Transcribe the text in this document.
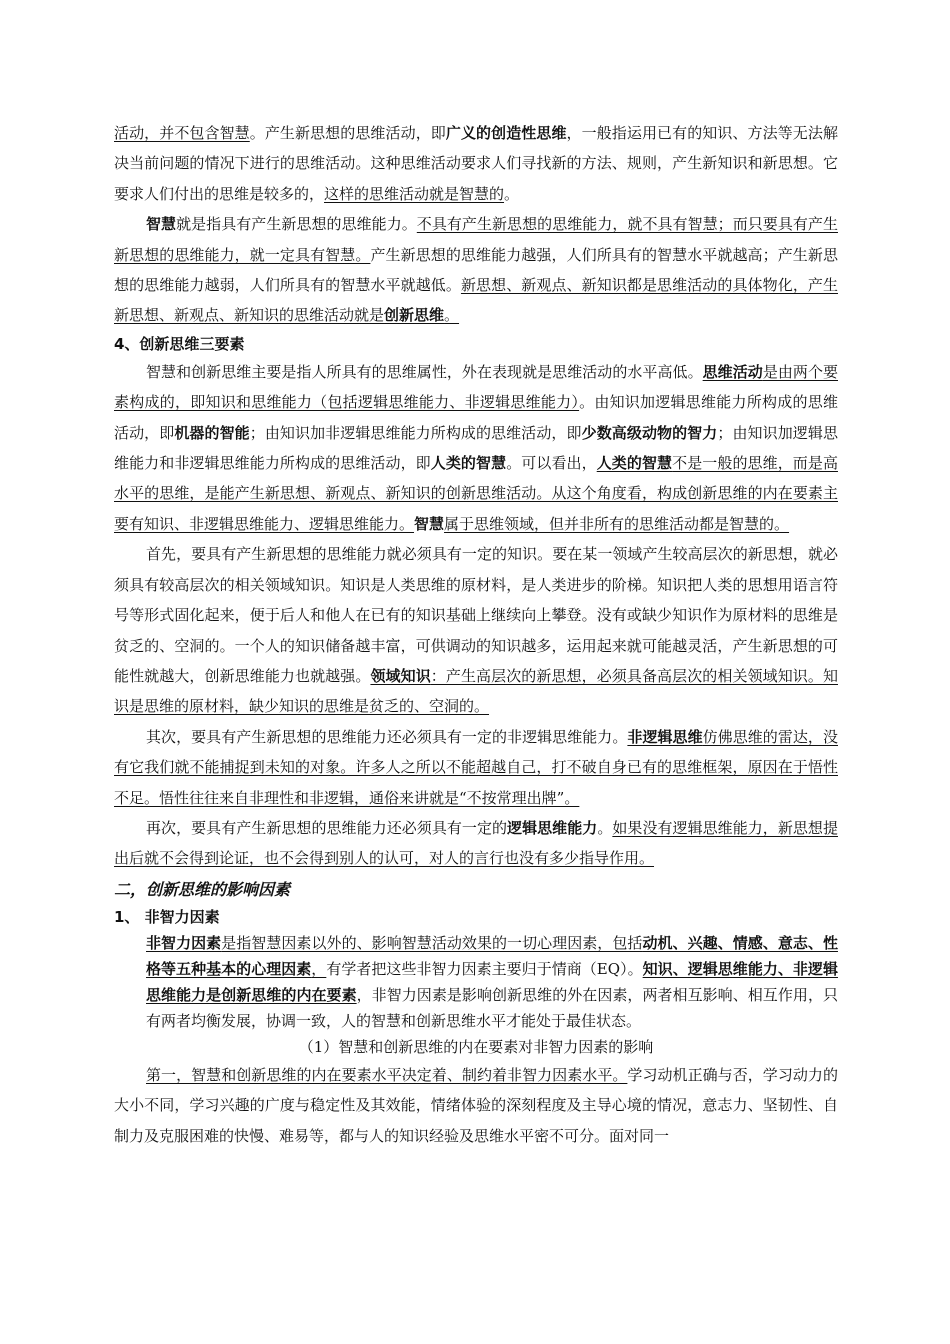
活动，并不包含智慧。产生新思想的思维活动，即广义的创造性思维，一般指运用已有的知识、方法等无法解决当前问题的情况下进行的思维活动。这种思维活动要求人们寻找新的方法、规则，产生新知识和新思想。它要求人们付出的思维是较多的，这样的思维活动就是智慧的。

智慧就是指具有产生新思想的思维能力。不具有产生新思想的思维能力，就不具有智慧；而只要具有产生新思想的思维能力，就一定具有智慧。产生新思想的思维能力越强，人们所具有的智慧水平就越高；产生新思想的思维能力越弱，人们所具有的智慧水平就越低。新思想、新观点、新知识都是思维活动的具体物化，产生新思想、新观点、新知识的思维活动就是创新思维。

4、创新思维三要素

智慧和创新思维主要是指人所具有的思维属性，外在表现就是思维活动的水平高低。思维活动是由两个要素构成的，即知识和思维能力（包括逻辑思维能力、非逻辑思维能力）。由知识加逻辑思维能力所构成的思维活动，即机器的智能；由知识加非逻辑思维能力所构成的思维活动，即少数高级动物的智力；由知识加逻辑思维能力和非逻辑思维能力所构成的思维活动，即人类的智慧。可以看出，人类的智慧不是一般的思维，而是高水平的思维，是能产生新思想、新观点、新知识的创新思维活动。从这个角度看，构成创新思维的内在要素主要有知识、非逻辑思维能力、逻辑思维能力。智慧属于思维领域，但并非所有的思维活动都是智慧的。

首先，要具有产生新思想的思维能力就必须具有一定的知识。要在某一领域产生较高层次的新思想，就必须具有较高层次的相关领域知识。知识是人类思维的原材料，是人类进步的阶梯。知识把人类的思想用语言符号等形式固化起来，便于后人和他人在已有的知识基础上继续向上攀登。没有或缺少知识作为原材料的思维是贫乏的、空洞的。一个人的知识储备越丰富，可供调动的知识越多，运用起来就可能越灵活，产生新思想的可能性就越大，创新思维能力也就越强。领域知识：产生高层次的新思想，必须具备高层次的相关领域知识。知识是思维的原材料，缺少知识的思维是贫乏的、空洞的。

其次，要具有产生新思想的思维能力还必须具有一定的非逻辑思维能力。非逻辑思维仿佛思维的雷达，没有它我们就不能捕捉到未知的对象。许多人之所以不能超越自己，打不破自身已有的思维框架，原因在于悟性不足。悟性往往来自非理性和非逻辑，通俗来讲就是“不按常理出牌”。

再次，要具有产生新思想的思维能力还必须具有一定的逻辑思维能力。如果没有逻辑思维能力，新思想提出后就不会得到论证，也不会得到别人的认可，对人的言行也没有多少指导作用。

二，创新思维的影响因素
1、 非智力因素

非智力因素是指智慧因素以外的、影响智慧活动效果的一切心理因素，包括动机、兴趣、情感、意志、性格等五种基本的心理因素，有学者把这些非智力因素主要归于情商（EQ）。知识、逻辑思维能力、非逻辑思维能力是创新思维的内在要素，非智力因素是影响创新思维的外在因素，两者相互影响、相互作用，只有两者均衡发展，协调一致，人的智慧和创新思维水平才能处于最佳状态。

（1）智慧和创新思维的内在要素对非智力因素的影响

第一，智慧和创新思维的内在要素水平决定着、制约着非智力因素水平。学习动机正确与否，学习动力的大小不同，学习兴趣的广度与稳定性及其效能，情绪体验的深刻程度及主导心境的情况，意志力、坚韧性、自制力及克服困难的快慢、难易等，都与人的知识经验及思维水平密不可分。面对同一
